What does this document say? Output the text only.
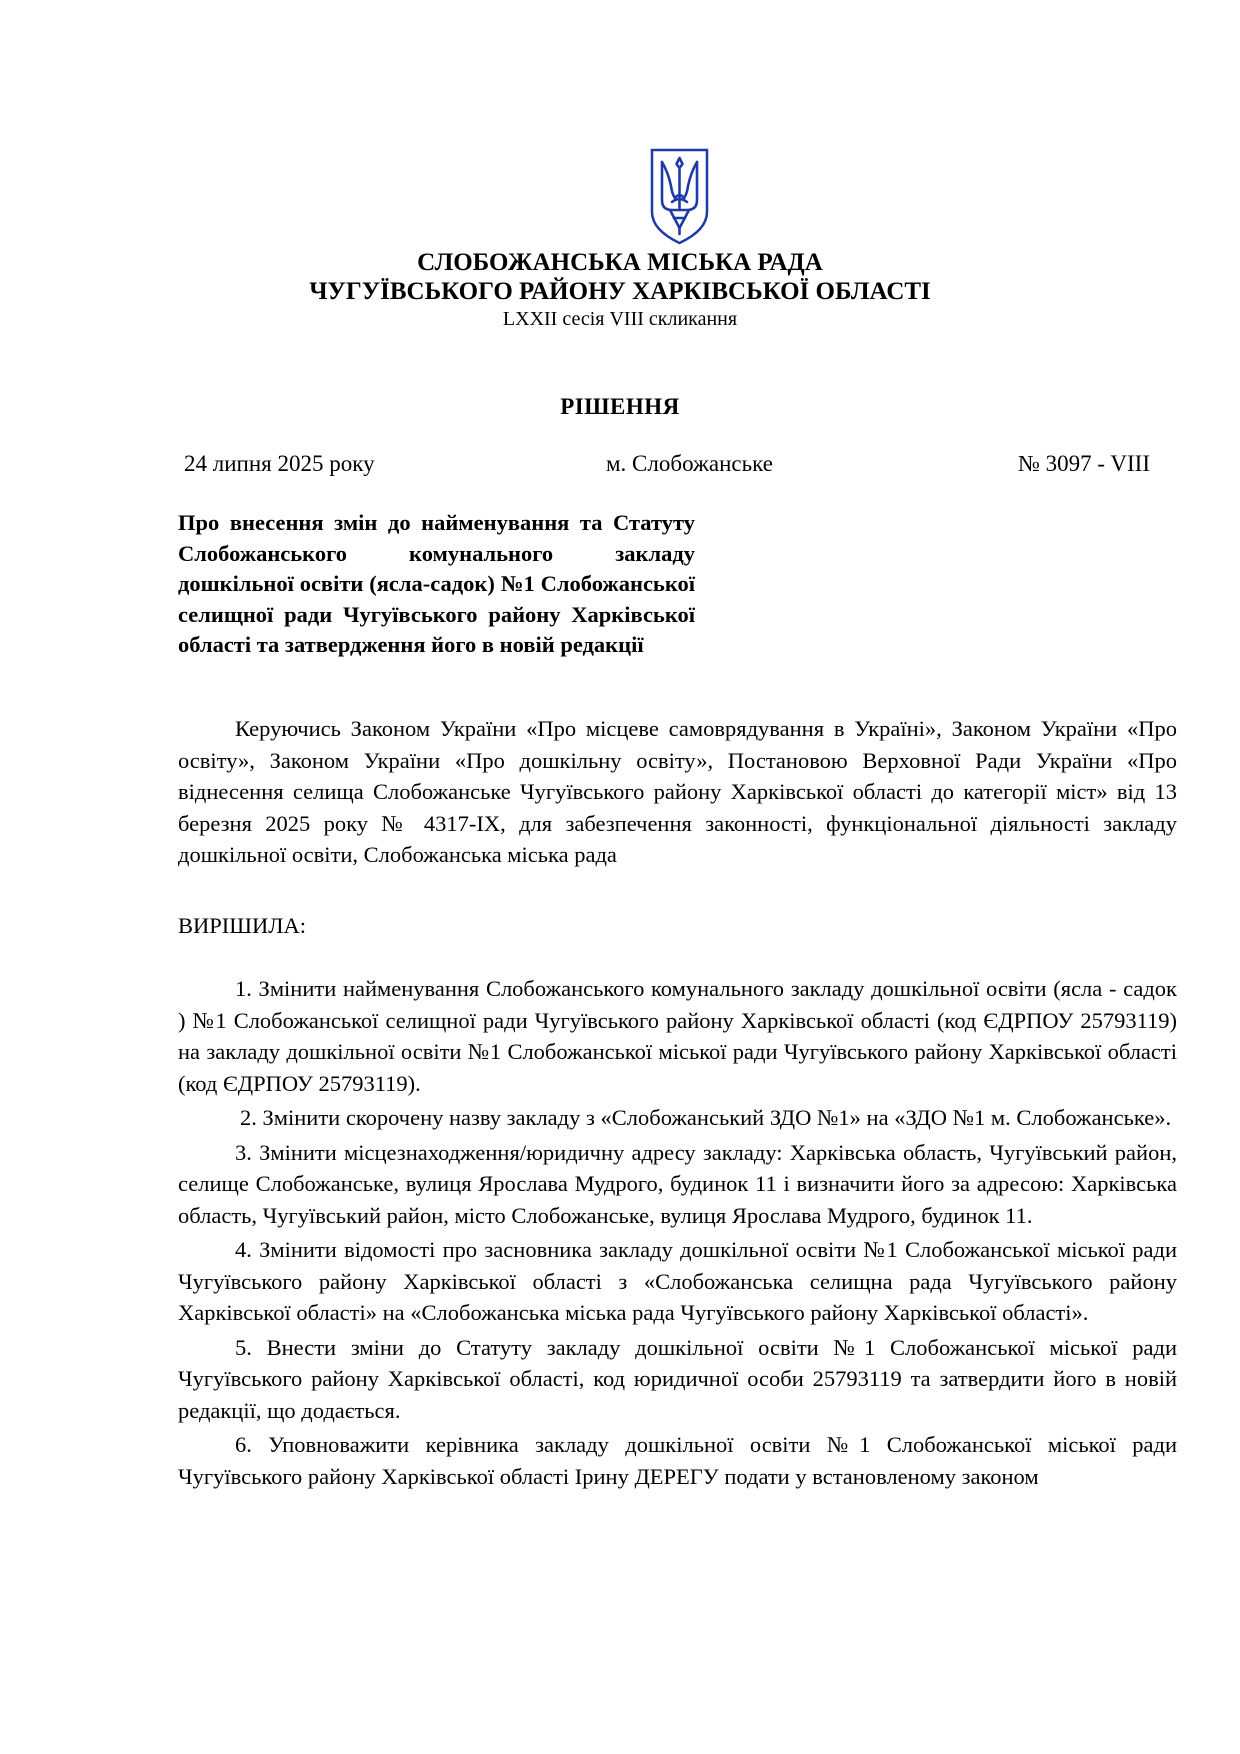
СЛОБОЖАНСЬКА МІСЬКА РАДА
ЧУГУЇВСЬКОГО РАЙОНУ ХАРКІВСЬКОЇ ОБЛАСТІ
LXXII сесія VIII скликання
РІШЕННЯ
24 липня 2025 року	м. Слобожанське	№ 3097 - VIII
Про внесення змін до найменування та Статуту Слобожанського комунального закладу дошкільної освіти (ясла-садок) №1 Слобожанської селищної ради Чугуївського району Харківської області та затвердження його в новій редакції

Керуючись Законом України «Про місцеве самоврядування в Україні», Законом України «Про освіту», Законом України «Про дошкільну освіту», Постановою Верховної Ради України «Про віднесення селища Слобожанське Чугуївського району Харківської області до категорії міст» від 13 березня 2025 року № 4317-IX, для забезпечення законності, функціональної діяльності закладу дошкільної освіти, Слобожанська міська рада

ВИРІШИЛА:

1. Змінити найменування Слобожанського комунального закладу дошкільної освіти (ясла - садок ) №1 Слобожанської селищної ради Чугуївського району Харківської області (код ЄДРПОУ 25793119) на закладу дошкільної освіти №1 Слобожанської міської ради Чугуївського району Харківської області (код ЄДРПОУ 25793119).

2. Змінити скорочену назву закладу з «Слобожанський ЗДО №1» на «ЗДО №1 м. Слобожанське».

3. Змінити місцезнаходження/юридичну адресу закладу: Харківська область, Чугуївський район, селище Слобожанське, вулиця Ярослава Мудрого, будинок 11 і визначити його за адресою: Харківська область, Чугуївський район, місто Слобожанське, вулиця Ярослава Мудрого, будинок 11.

4. Змінити відомості про засновника закладу дошкільної освіти №1 Слобожанської міської ради Чугуївського району Харківської області з «Слобожанська селищна рада Чугуївського району Харківської області» на «Слобожанська міська рада Чугуївського району Харківської області».

5. Внести зміни до Статуту закладу дошкільної освіти №1 Слобожанської міської ради Чугуївського району Харківської області, код юридичної особи 25793119 та затвердити його в новій редакції, що додається.

6. Уповноважити керівника закладу дошкільної освіти №1 Слобожанської міської ради Чугуївського району Харківської області Ірину ДЕРЕГУ подати у встановленому законом
